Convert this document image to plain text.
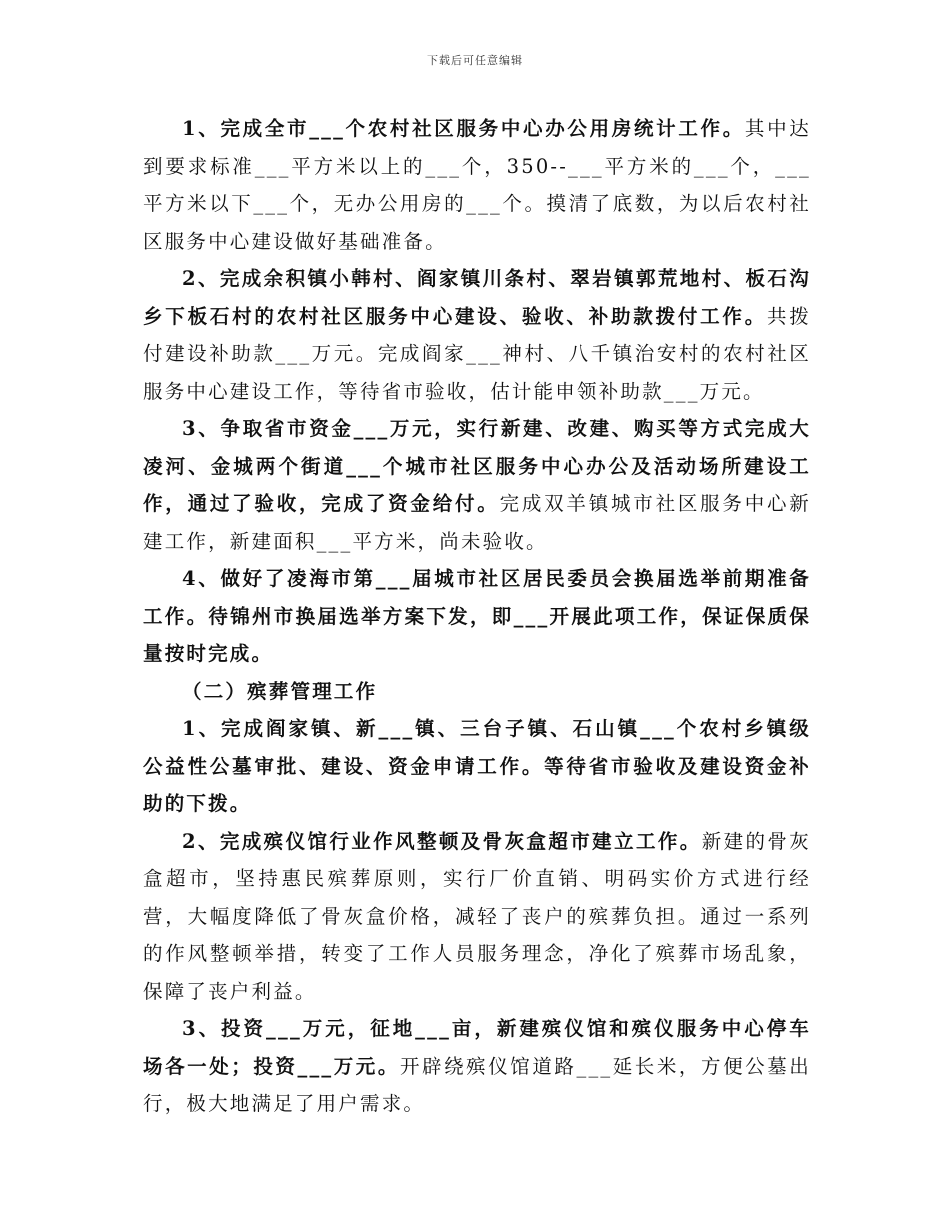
下载后可任意编辑

1、完成全市___个农村社区服务中心办公用房统计工作。其中达到要求标准___平方米以上的___个，350--___平方米的___个，___平方米以下___个，无办公用房的___个。摸清了底数，为以后农村社区服务中心建设做好基础准备。

2、完成余积镇小韩村、阎家镇川条村、翠岩镇郭荒地村、板石沟乡下板石村的农村社区服务中心建设、验收、补助款拨付工作。共拨付建设补助款___万元。完成阎家___神村、八千镇治安村的农村社区服务中心建设工作，等待省市验收，估计能申领补助款___万元。

3、争取省市资金___万元，实行新建、改建、购买等方式完成大凌河、金城两个街道___个城市社区服务中心办公及活动场所建设工作，通过了验收，完成了资金给付。完成双羊镇城市社区服务中心新建工作，新建面积___平方米，尚未验收。

4、做好了凌海市第___届城市社区居民委员会换届选举前期准备工作。待锦州市换届选举方案下发，即___开展此项工作，保证保质保量按时完成。

（二）殡葬管理工作

1、完成阎家镇、新___镇、三台子镇、石山镇___个农村乡镇级公益性公墓审批、建设、资金申请工作。等待省市验收及建设资金补助的下拨。

2、完成殡仪馆行业作风整顿及骨灰盒超市建立工作。新建的骨灰盒超市，坚持惠民殡葬原则，实行厂价直销、明码实价方式进行经营，大幅度降低了骨灰盒价格，减轻了丧户的殡葬负担。通过一系列的作风整顿举措，转变了工作人员服务理念，净化了殡葬市场乱象，保障了丧户利益。

3、投资___万元，征地___亩，新建殡仪馆和殡仪服务中心停车场各一处；投资___万元。开辟绕殡仪馆道路___延长米，方便公墓出行，极大地满足了用户需求。
